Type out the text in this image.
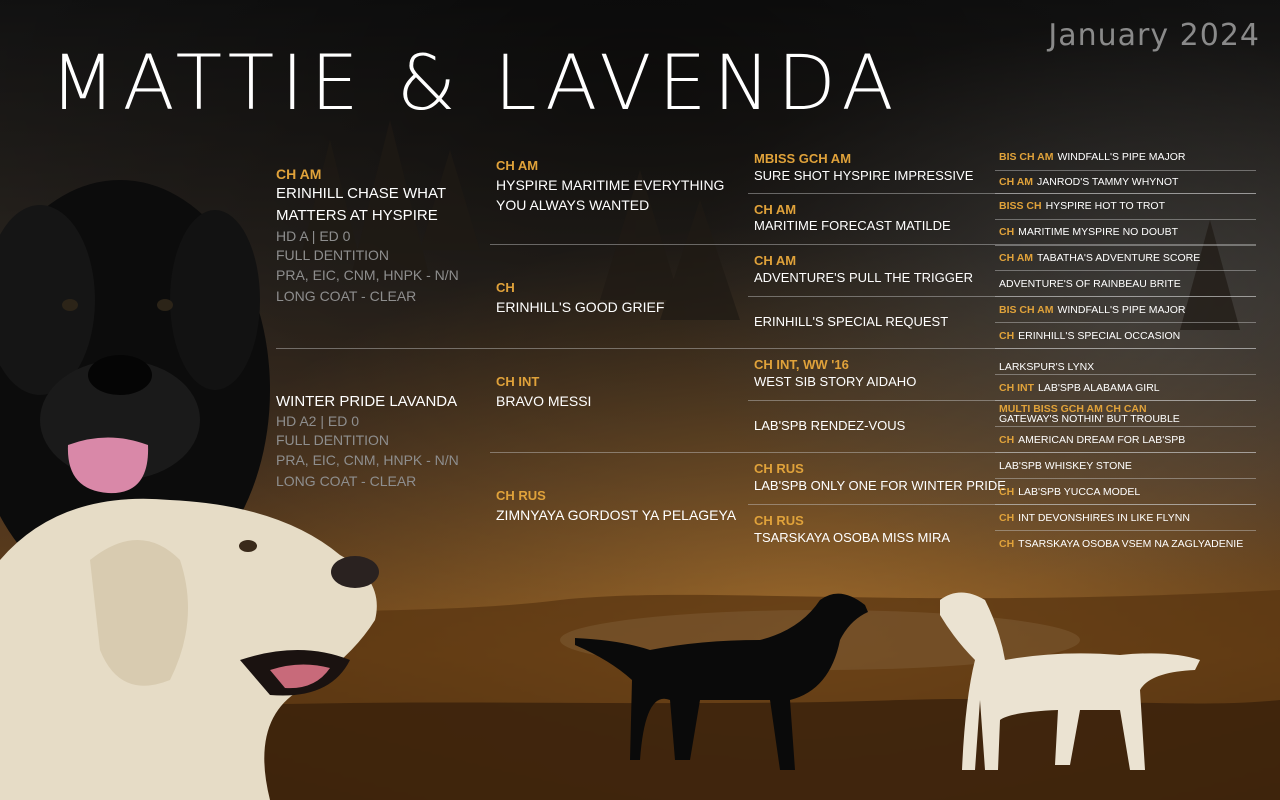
MATTIE & LAVENDA
January 2024
CH AM
ERINHILL CHASE WHAT
MATTERS AT HYSPIRE
HD A | ED 0
FULL DENTITION
PRA, EIC, CNM, HNPK - N/N
LONG COAT - CLEAR
WINTER PRIDE LAVANDA
HD A2 | ED 0
FULL DENTITION
PRA, EIC, CNM, HNPK - N/N
LONG COAT - CLEAR
CH AM
HYSPIRE MARITIME EVERYTHING
YOU ALWAYS WANTED
CH
ERINHILL'S GOOD GRIEF
CH INT
BRAVO MESSI
CH RUS
ZIMNYAYA GORDOST YA PELAGEYA
MBISS GCH AM
SURE SHOT HYSPIRE IMPRESSIVE
CH AM
MARITIME FORECAST MATILDE
CH AM
ADVENTURE'S PULL THE TRIGGER
ERINHILL'S SPECIAL REQUEST
CH INT, WW '16
WEST SIB STORY AIDAHO
LAB'SPB RENDEZ-VOUS
CH RUS
LAB'SPB ONLY ONE FOR WINTER PRIDE
CH RUS
TSARSKAYA OSOBA MISS MIRA
BIS CH AM WINDFALL'S PIPE MAJOR
CH AM JANROD'S TAMMY WHYNOT
BISS CH HYSPIRE HOT TO TROT
CH MARITIME MYSPIRE NO DOUBT
CH AM TABATHA'S ADVENTURE SCORE
ADVENTURE'S OF RAINBEAU BRITE
BIS CH AM WINDFALL'S PIPE MAJOR
CH ERINHILL'S SPECIAL OCCASION
LARKSPUR'S LYNX
CH INT LAB'SPB ALABAMA GIRL
MULTI BISS GCH AM CH CAN
GATEWAY'S NOTHIN' BUT TROUBLE
CH AMERICAN DREAM FOR LAB'SPB
LAB'SPB WHISKEY STONE
CH LAB'SPB YUCCA MODEL
CH INT DEVONSHIRES IN LIKE FLYNN
CH TSARSKAYA OSOBA VSEM NA ZAGLYADENIE
